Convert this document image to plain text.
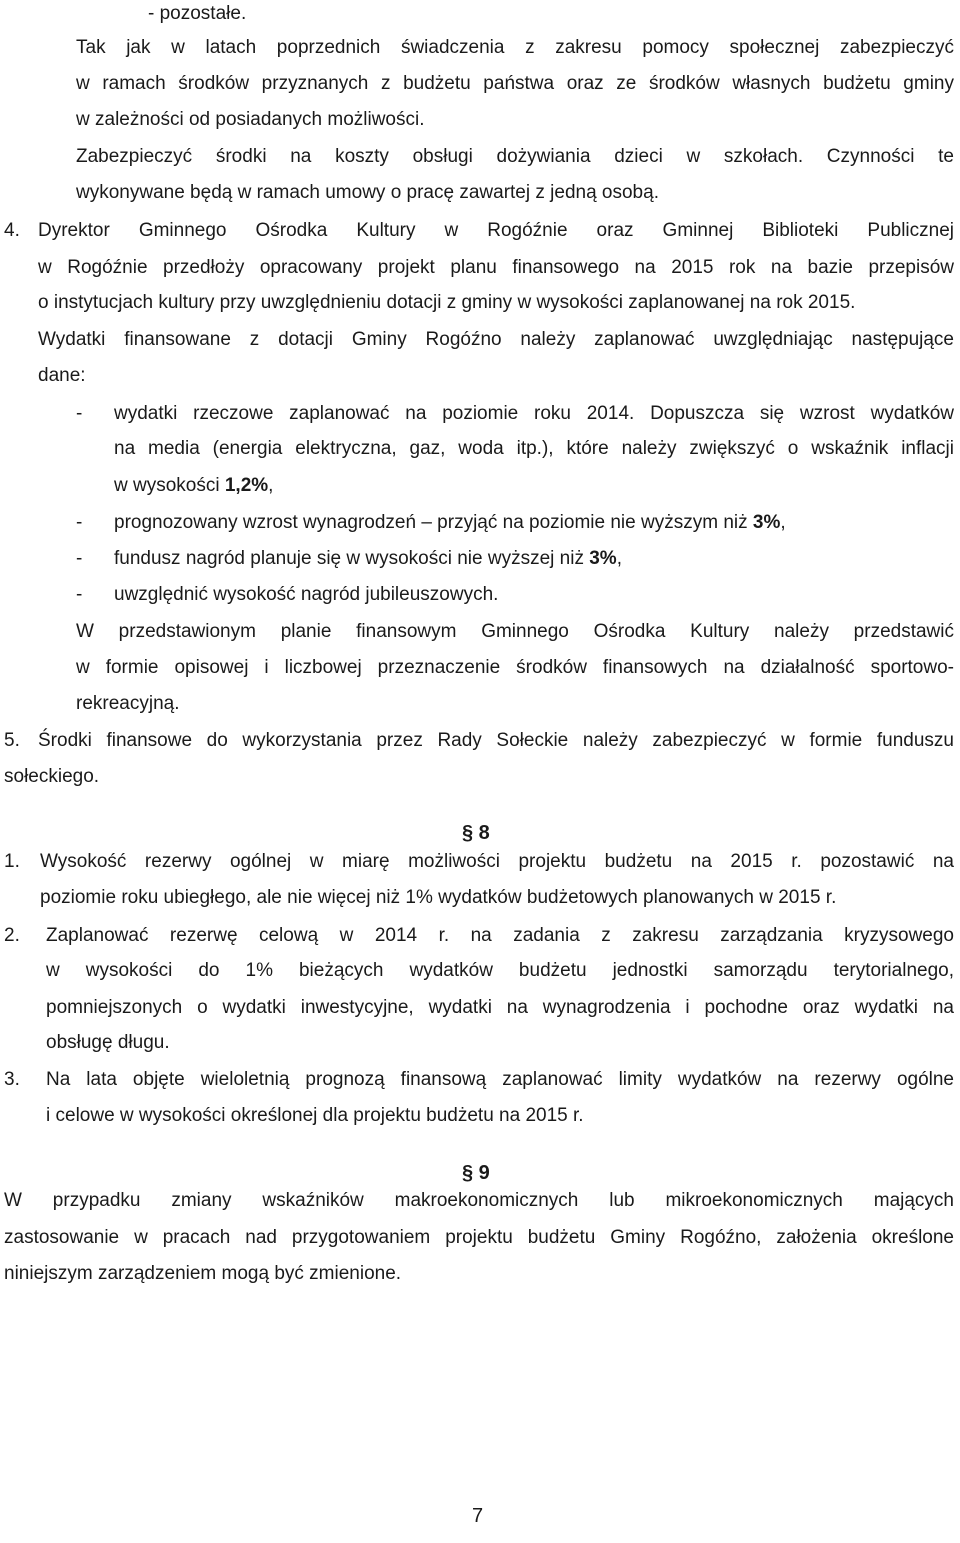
- pozostałe.
Tak jak w latach poprzednich świadczenia z zakresu pomocy społecznej zabezpieczyć
w ramach środków przyznanych z budżetu państwa oraz ze środków własnych budżetu gminy
w zależności od posiadanych możliwości.
Zabezpieczyć środki na koszty obsługi dożywiania dzieci w szkołach. Czynności te
wykonywane będą w ramach umowy o pracę zawartej z jedną osobą.
4. Dyrektor Gminnego Ośrodka Kultury w Rogóźnie oraz Gminnej Biblioteki Publicznej
w Rogóźnie przedłoży opracowany projekt planu finansowego na 2015 rok na bazie przepisów
o instytucjach kultury przy uwzględnieniu dotacji z gminy w wysokości zaplanowanej na rok 2015.
Wydatki finansowane z dotacji Gminy Rogóźno należy zaplanować uwzględniając następujące
dane:
- wydatki rzeczowe zaplanować na poziomie roku 2014. Dopuszcza się wzrost wydatków
na media (energia elektryczna, gaz, woda itp.), które należy zwiększyć o wskaźnik inflacji
w wysokości 1,2%,
- prognozowany wzrost wynagrodzeń – przyjąć na poziomie nie wyższym niż 3%,
- fundusz nagród planuje się w wysokości nie wyższej niż 3%,
- uwzględnić wysokość nagród jubileuszowych.
W przedstawionym planie finansowym Gminnego Ośrodka Kultury należy przedstawić
w formie opisowej i liczbowej przeznaczenie środków finansowych na działalność sportowo-
rekreacyjną.
5. Środki finansowe do wykorzystania przez Rady Sołeckie należy zabezpieczyć w formie funduszu
sołeckiego.
§ 8
1. Wysokość rezerwy ogólnej w miarę możliwości projektu budżetu na 2015 r. pozostawić na
poziomie roku ubiegłego, ale nie więcej niż 1% wydatków budżetowych planowanych w 2015 r.
2. Zaplanować rezerwę celową w 2014 r. na zadania z zakresu zarządzania kryzysowego
w wysokości do 1% bieżących wydatków budżetu jednostki samorządu terytorialnego,
pomniejszonych o wydatki inwestycyjne, wydatki na wynagrodzenia i pochodne oraz wydatki na
obsługę długu.
3. Na lata objęte wieloletnią prognozą finansową zaplanować limity wydatków na rezerwy ogólne
i celowe w wysokości określonej dla projektu budżetu na 2015 r.
§ 9
W przypadku zmiany wskaźników makroekonomicznych lub mikroekonomicznych mających
zastosowanie w pracach nad przygotowaniem projektu budżetu Gminy Rogóźno, założenia określone
niniejszym zarządzeniem mogą być zmienione.
7
